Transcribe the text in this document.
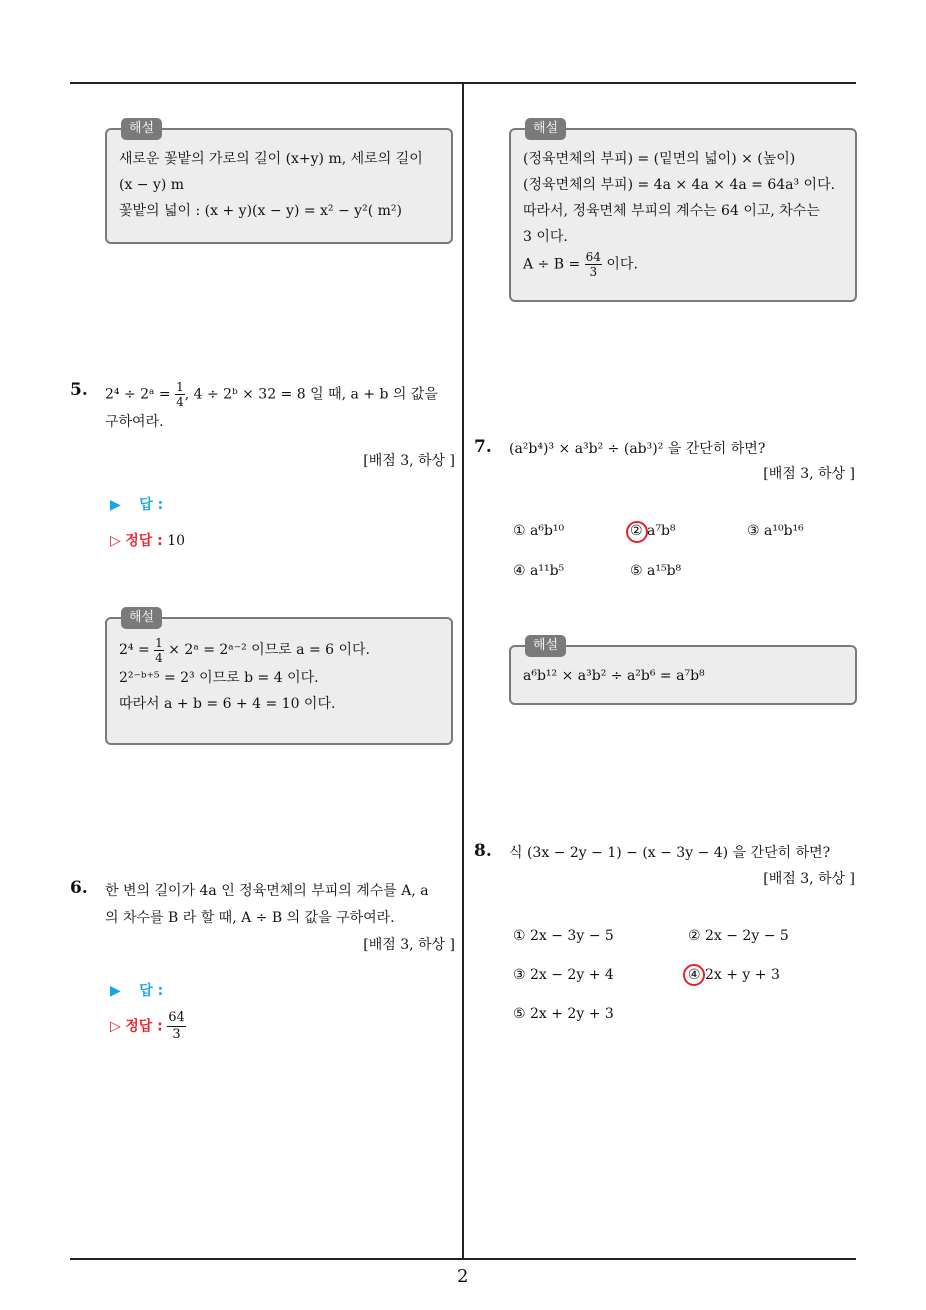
해설
새로운 꽃밭의 가로의 길이 (x+y) m, 세로의 길이
(x − y) m
꽃밭의 넓이 : (x + y)(x − y) = x² − y²( m²)
5. 2⁴ ÷ 2ᵃ = $\frac{1}{4}$ , 4 ÷ 2ᵇ × 32 = 8 일 때, a + b 의 값을
구하여라.
[배점 3, 하상 ]
▶ 답 :
▷ 정답 : 10
해설
$2^4 = \frac{1}{4}$ × 2ᵃ = 2ᵃ⁻² 이므로 a = 6 이다.
2²⁻ᵇ⁺⁵ = 2³ 이므로 b = 4 이다.
따라서 a + b = 6 + 4 = 10 이다.
6. 한 변의 길이가 4a 인 정육면체의 부피의 계수를 A, a
의 차수를 B 라 할 때, A ÷ B 의 값을 구하여라.
[배점 3, 하상 ]
▶ 답 :
▷ 정답 : $\frac{64}{3}$
해설
(정육면체의 부피) = (밑면의 넓이) × (높이)
(정육면체의 부피) = 4a × 4a × 4a = 64a³ 이다.
따라서, 정육면체 부피의 계수는 64 이고, 차수는
3 이다.
$A \div B = \frac{64}{3}$ 이다.
7. (a²b⁴)³ × a³b² ÷ (ab³)² 을 간단히 하면?
[배점 3, 하상 ]
① a⁶b¹⁰	② a⁷b⁸	③ a¹⁰b¹⁶
④ a¹¹b⁵	⑤ a¹⁵b⁸
해설
a⁶b¹² × a³b² ÷ a²b⁶ = a⁷b⁸
8. 식 (3x − 2y − 1) − (x − 3y − 4) 을 간단히 하면?
[배점 3, 하상 ]
① 2x − 3y − 5	② 2x − 2y − 5
③ 2x − 2y + 4	④ 2x + y + 3
⑤ 2x + 2y + 3
2
